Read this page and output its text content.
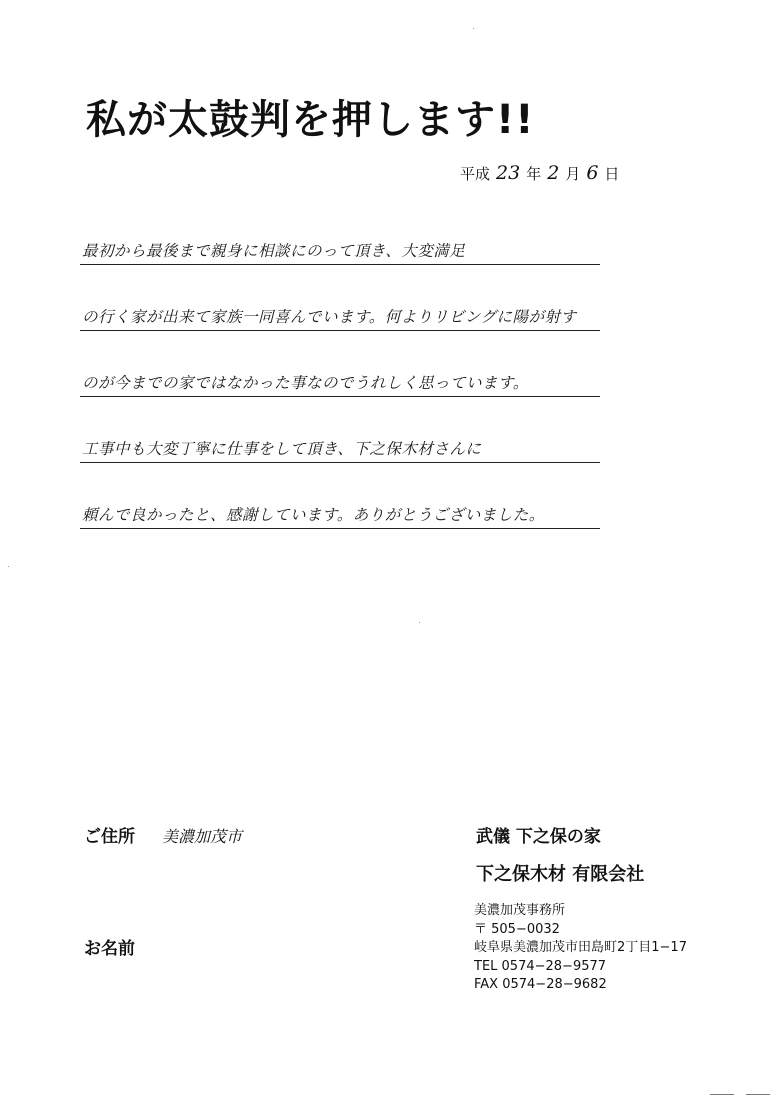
私が太鼓判を押します!!
平成 23 年 2 月 6 日
最初から最後まで親身に相談にのって頂き、大変満足
の行く家が出来て家族一同喜んでいます。何よりリビングに陽が射す
のが今までの家ではなかった事なのでうれしく思っています。
工事中も大変丁寧に仕事をして頂き、下之保木材さんに
頼んで良かったと、感謝しています。ありがとうございました。
ご住所 美濃加茂市
お名前
武儀 下之保の家
下之保木材 有限会社
美濃加茂事務所
〒 505−0032
岐阜県美濃加茂市田島町2丁目1−17
TEL 0574−28−9577
FAX 0574−28−9682
